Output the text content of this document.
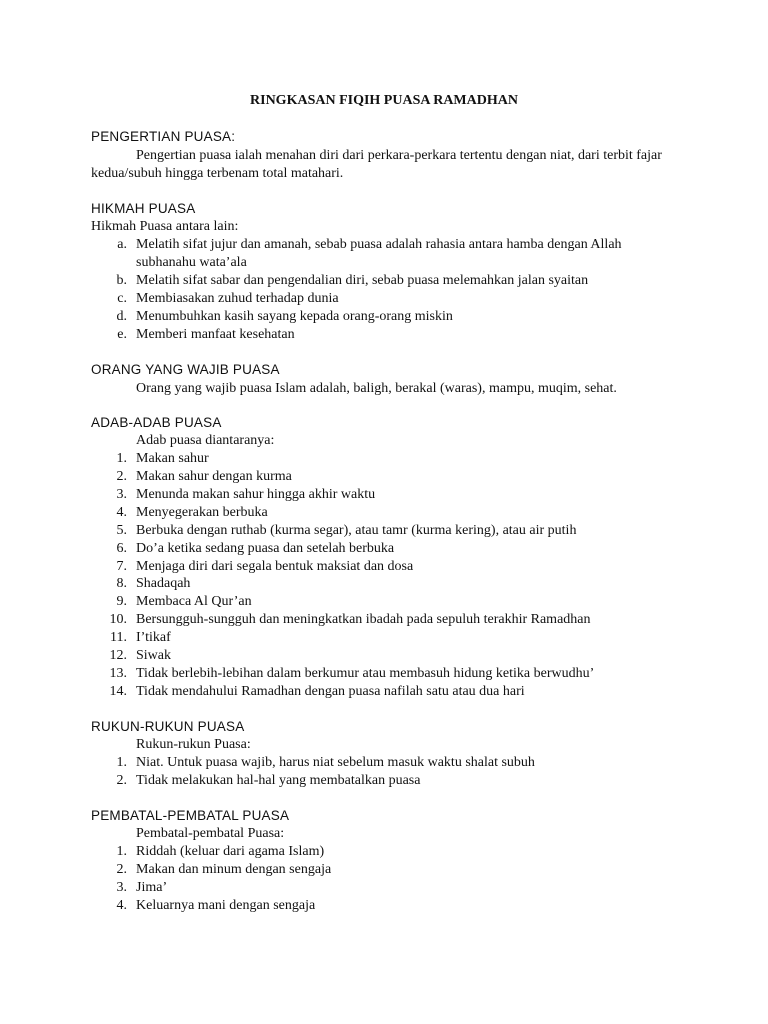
RINGKASAN FIQIH PUASA RAMADHAN
PENGERTIAN PUASA:
Pengertian puasa ialah menahan diri dari perkara-perkara tertentu dengan niat, dari terbit fajar kedua/subuh hingga terbenam total matahari.
HIKMAH PUASA
Hikmah Puasa antara lain:
a. Melatih sifat jujur dan amanah, sebab puasa adalah rahasia antara hamba dengan Allah subhanahu wata’ala
b. Melatih sifat sabar dan pengendalian diri, sebab puasa melemahkan jalan syaitan
c. Membiasakan zuhud terhadap dunia
d. Menumbuhkan kasih sayang kepada orang-orang miskin
e. Memberi manfaat kesehatan
ORANG YANG WAJIB PUASA
Orang yang wajib puasa Islam adalah, baligh, berakal (waras), mampu, muqim, sehat.
ADAB-ADAB PUASA
Adab puasa diantaranya:
1. Makan sahur
2. Makan sahur dengan kurma
3. Menunda makan sahur hingga akhir waktu
4. Menyegerakan berbuka
5. Berbuka dengan ruthab (kurma segar), atau tamr (kurma kering), atau air putih
6. Do’a ketika sedang puasa dan setelah berbuka
7. Menjaga diri dari segala bentuk maksiat dan dosa
8. Shadaqah
9. Membaca Al Qur’an
10. Bersungguh-sungguh dan meningkatkan ibadah pada sepuluh terakhir Ramadhan
11. I’tikaf
12. Siwak
13. Tidak berlebih-lebihan dalam berkumur atau membasuh hidung ketika berwudhu’
14. Tidak mendahului Ramadhan dengan puasa nafilah satu atau dua hari
RUKUN-RUKUN PUASA
Rukun-rukun Puasa:
1. Niat. Untuk puasa wajib, harus niat sebelum masuk waktu shalat subuh
2. Tidak melakukan hal-hal yang membatalkan puasa
PEMBATAL-PEMBATAL PUASA
Pembatal-pembatal Puasa:
1. Riddah (keluar dari agama Islam)
2. Makan dan minum dengan sengaja
3. Jima’
4. Keluarnya mani dengan sengaja
